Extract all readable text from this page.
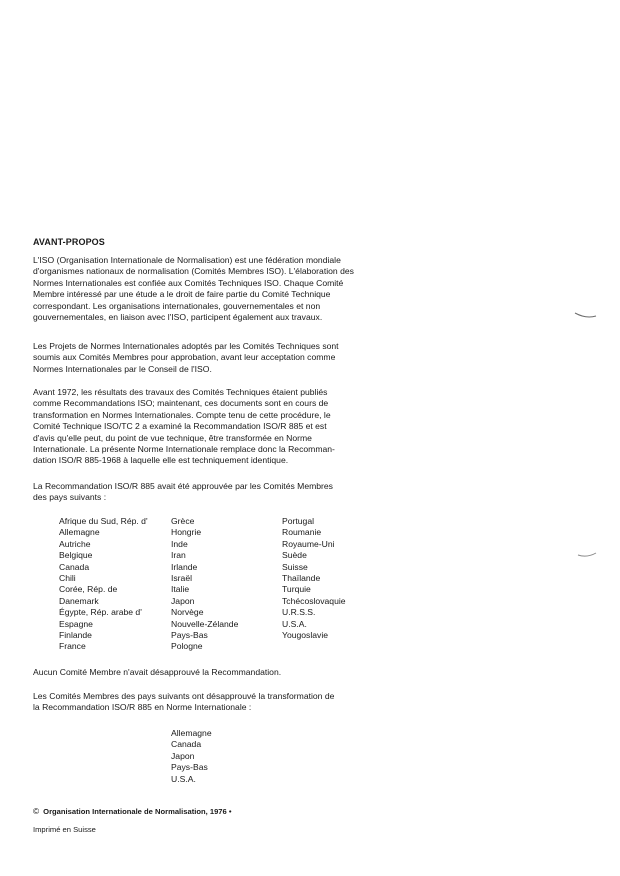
AVANT-PROPOS

L'ISO (Organisation Internationale de Normalisation) est une fédération mondiale

d'organismes nationaux de normalisation (Comités Membres ISO). L'élaboration des

Normes Internationales est confiée aux Comités Techniques ISO. Chaque Comité

Membre intéressé par une étude a le droit de faire partie du Comité Technique

correspondant. Les organisations internationales, gouvernementales et non

gouvernementales, en liaison avec l'ISO, participent également aux travaux.

Les Projets de Normes Internationales adoptés par les Comités Techniques sont

soumis aux Comités Membres pour approbation, avant leur acceptation comme

Normes Internationales par le Conseil de l'ISO.

Avant 1972, les résultats des travaux des Comités Techniques étaient publiés

comme Recommandations ISO; maintenant, ces documents sont en cours de

transformation en Normes Internationales. Compte tenu de cette procédure, le

Comité Technique ISO/TC 2 a examiné la Recommandation ISO/R 885 et est

d'avis qu'elle peut, du point de vue technique, être transformée en Norme

Internationale. La présente Norme Internationale remplace donc la Recomman-

dation ISO/R 885-1968 à laquelle elle est techniquement identique.

La Recommandation ISO/R 885 avait été approuvée par les Comités Membres

des pays suivants :

Afrique du Sud, Rép. d'
Allemagne
Autriche
Belgique
Canada
Chili
Corée, Rép. de
Danemark
Égypte, Rép. arabe d'
Espagne
Finlande
France
Grèce
Hongrie
Inde
Iran
Irlande
Israël
Italie
Japon
Norvège
Nouvelle-Zélande
Pays-Bas
Pologne
Portugal
Roumanie
Royaume-Uni
Suède
Suisse
Thaïlande
Turquie
Tchécoslovaquie
U.R.S.S.
U.S.A.
Yougoslavie
Aucun Comité Membre n'avait désapprouvé la Recommandation.

Les Comités Membres des pays suivants ont désapprouvé la transformation de

la Recommandation ISO/R 885 en Norme Internationale :

Allemagne
Canada
Japon
Pays-Bas
U.S.A.
© Organisation Internationale de Normalisation, 1976 •
Imprimé en Suisse
